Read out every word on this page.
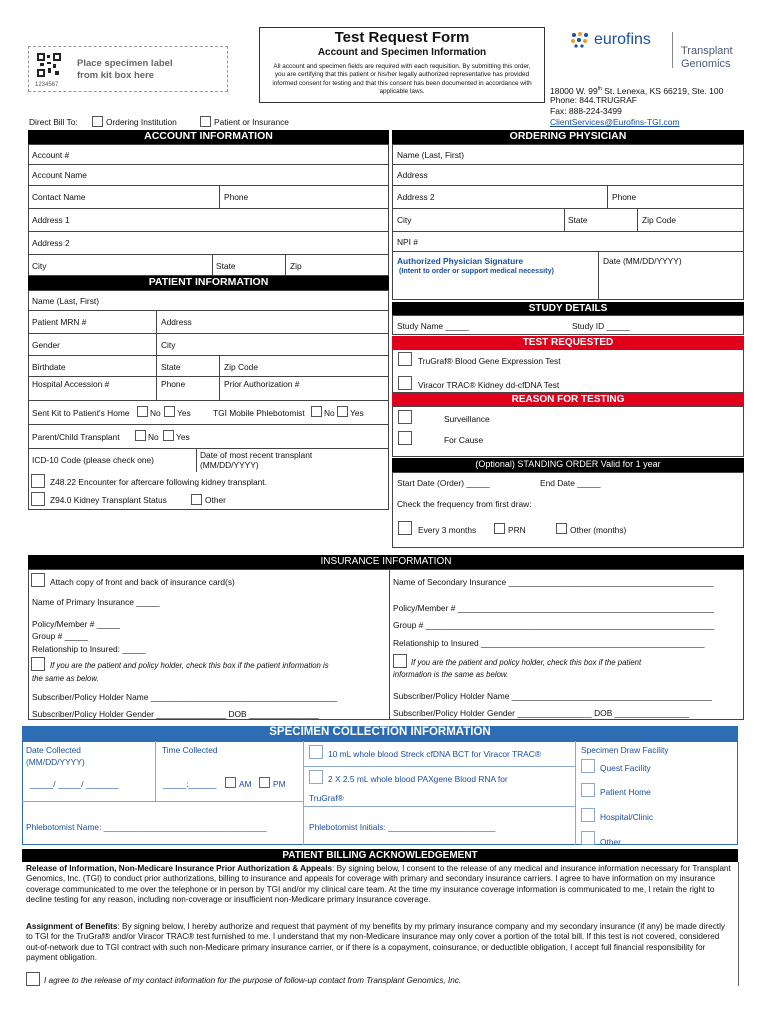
1234567
Place specimen label from kit box here
Test Request Form
Account and Specimen Information
All account and specimen fields are required with each requisition. By submitting this order, you are certifying that this patient or his/her legally authorized representative has provided informed consent for testing and that this consent has been documented in accordance with applicable laws.
eurofins
Transplant
Genomics
18000 W. 99th St. Lenexa, KS 66219, Ste. 100
Phone: 844.TRUGRAF
Fax: 888-224-3499
ClientServices@Eurofins-TGI.com
Direct Bill To:	Ordering Institution	Patient or Insurance
ACCOUNT INFORMATION
Account #
Account Name
Contact Name	Phone
Address 1
Address 2
City	State	Zip
ORDERING PHYSICIAN
Name (Last, First)
Address
Address 2	Phone
City	State	Zip Code
NPI #
Authorized Physician Signature
(Intent to order or support medical necessity)
Date (MM/DD/YYYY)
PATIENT INFORMATION
Name (Last, First)
Patient MRN #	Address
Gender	City
Birthdate	State	Zip Code
Hospital Accession #	Phone	Prior Authorization #
Sent Kit to Patient's Home No Yes	TGI Mobile Phlebotomist No Yes
Parent/Child Transplant	No Yes
ICD-10 Code (please check one)	Date of most recent transplant
(MM/DD/YYYY)
Z48.22 Encounter for aftercare following kidney transplant.
Z94.0 Kidney Transplant Status	Other
STUDY DETAILS
Study Name _____	Study ID _____
TEST REQUESTED
TruGraf® Blood Gene Expression Test
Viracor TRAC® Kidney dd-cfDNA Test
REASON FOR TESTING
Surveillance
For Cause
(Optional) STANDING ORDER Valid for 1 year
Start Date (Order) _____	End Date _____
Check the frequency from first draw:
Every 3 months	PRN	Other (months)
INSURANCE INFORMATION
Attach copy of front and back of insurance card(s)
Name of Primary Insurance _____
Policy/Member # _____
Group # _____
Relationship to Insured: _____
If you are the patient and policy holder, check this box if the patient information is
the same as below.
Subscriber/Policy Holder Name ________________________________________
Subscriber/Policy Holder Gender _______________ DOB _______________
Name of Secondary Insurance ____________________________________________
Policy/Member # _______________________________________________________
Group # ______________________________________________________________
Relationship to Insured ________________________________________________
If you are the patient and policy holder, check this box if the patient
information is the same as below.
Subscriber/Policy Holder Name ___________________________________________
Subscriber/Policy Holder Gender ________________ DOB ________________
SPECIMEN COLLECTION INFORMATION
Date Collected
(MM/DD/YYYY)
_____/ _____/ _______
Time Collected
_____:______	AM	PM
10 mL whole blood Streck cfDNA BCT for Viracor TRAC®
2 X 2.5 mL whole blood PAXgene Blood RNA for
TruGraf®
Phlebotomist Name: ___________________________________	Phlebotomist Initials: _______________________
Specimen Draw Facility
Quest Facility
Patient Home
Hospital/Clinic
Other
PATIENT BILLING ACKNOWLEDGEMENT
Release of Information, Non-Medicare Insurance Prior Authorization & Appeals: By signing below, I consent to the release of any medical and insurance information necessary for Transplant Genomics, Inc. (TGI) to conduct prior authorizations, billing to insurance and appeals for coverage with primary and secondary insurance carriers. I agree to have information on my insurance coverage communicated to me over the telephone or in person by TGI and/or my clinical care team. At the time my insurance coverage information is communicated to me, I retain the right to decline testing for any reason, including non-coverage or insufficient non-Medicare primary insurance coverage.
Assignment of Benefits: By signing below, I hereby authorize and request that payment of my benefits by my primary insurance company and my secondary insurance (if any) be made directly to TGI for the TruGraf® and/or Viracor TRAC® test furnished to me. I understand that my non-Medicare insurance may only cover a portion of the total bill. If this test is not covered, considered out-of-network due to TGI contract with such non-Medicare primary insurance carrier, or if there is a copayment, coinsurance, or deductible obligation, I accept full financial responsibility for payment obligation.
I agree to the release of my contact information for the purpose of follow-up contact from Transplant Genomics, Inc.
